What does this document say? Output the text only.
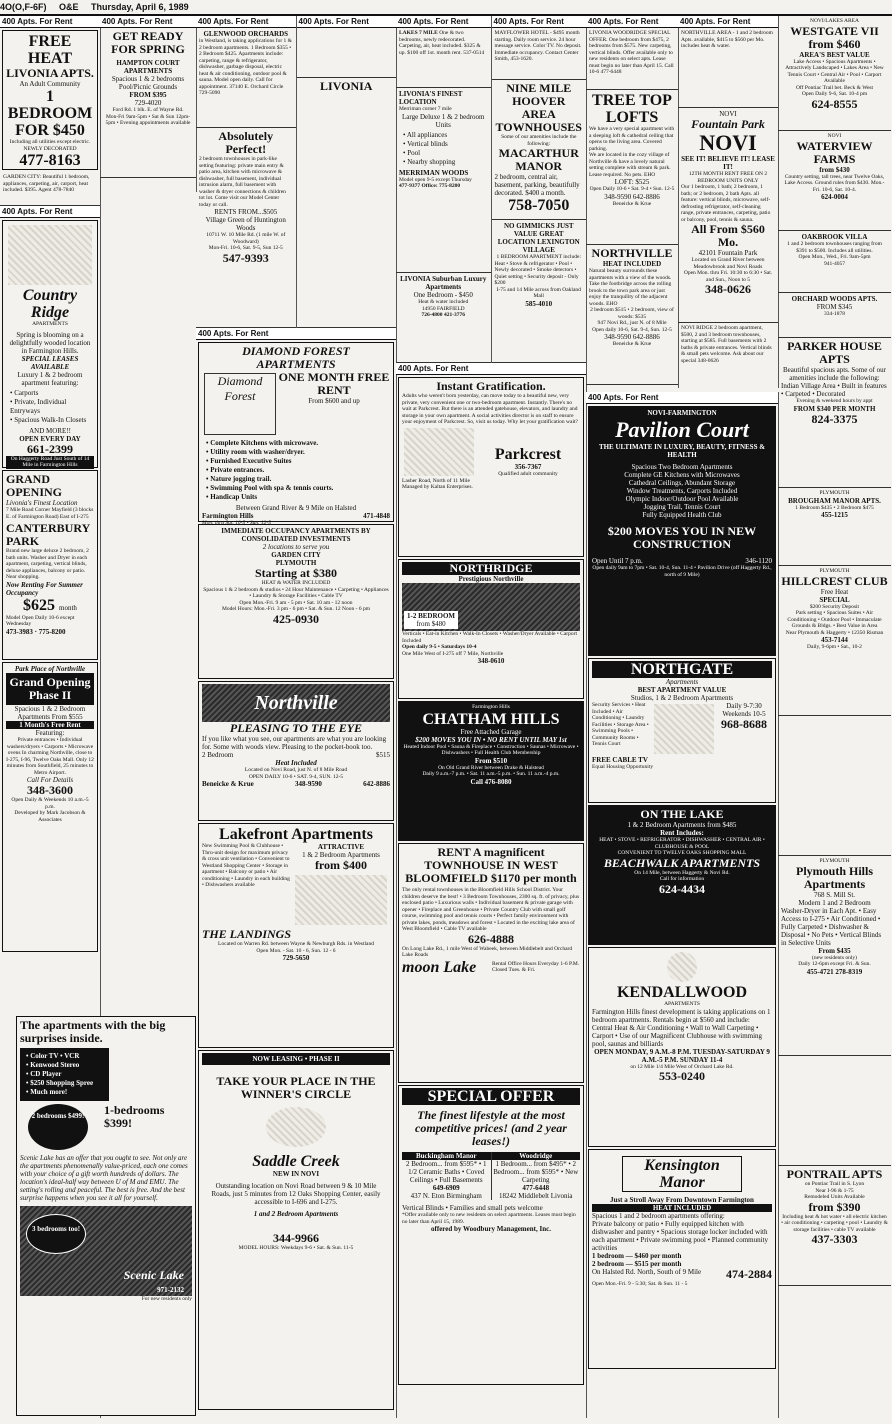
4O(O,F-6F) O&E Thursday, April 6, 1989
400 Apts. For Rent
FREE HEAT
LIVONIA APTS.
An Adult Community
1 BEDROOM
FOR $450
Including all utilities except electric. NEWLY DECORATED
477-8163
GARDEN CITY: Beautiful 1 bedroom, appliances, carpeting, air, carport, heat included. $395. Agent 478-7840
400 Apts. For Rent
Country Ridge
APARTMENTS
Spring is blooming on a delightfully wooded location in Farmington Hills.
SPECIAL LEASES AVAILABLE
Luxury 1 & 2 bedroom apartment featuring:
• Carports
• Private, Individual Entryways
• Spacious Walk-In Closets
AND MORE!!
OPEN EVERY DAY
661-2399
On Haggerty Road Just South of 14 Mile in Farmington Hills
GRAND OPENING
Livonia's Finest Location
7 Mile Road Corner Mayfield (3 blocks E. of Farmington Road) East of I-275
CANTERBURY PARK
Brand new large deluxe 2 bedroom, 2 bath units. Washer and Dryer in each apartment, carpeting, vertical blinds, deluxe appliances, balcony or patio. Near shopping.
Now Renting For Summer Occupancy
$625 month
Model Open Daily 10-6 except Wednesday
473-3983 · 775-8200
Park Place of Northville
Grand Opening Phase II
Spacious 1 & 2 Bedroom Apartments From $555
1 Month's Free Rent
Featuring:
Private entrances • Individual washers/dryers • Carports • Microwave ovens In charming Northville, close to I-275, I-96, Twelve Oaks Mall. Only 12 minutes from Southfield, 25 minutes to Metro Airport.
Call For Details
348-3600
Open Daily & Weekends 10 a.m.-5 p.m.
Developed by Mark Jacobson & Associates
400 Apts. For Rent
GET READY FOR SPRING
HAMPTON COURT APARTMENTS
Spacious 1 & 2 bedrooms
Pool/Picnic Grounds
FROM $395
729-4020
Ford Rd. 1 blk. E. of Wayne Rd.
Mon-Fri 9am-5pm • Sat & Sun 12pm-5pm • Evening appointments available
The apartments with the big surprises inside.
• Color TV • VCR
• Kenwood Stereo
• CD Player
• $250 Shopping Spree
• Much more!
2 bedrooms $499!	1-bedrooms $399!
Scenic Lake has an offer that you ought to see. Not only are the apartments phenomenally value-priced, each one comes with your choice of a gift worth hundreds of dollars. The location's ideal-half way between U of M and EMU. The setting's rolling and peaceful. The best is free. And the best surprise happens when you see it all for yourself.
3 bedrooms too!
Scenic Lake
971-2132
For new residents only
400 Apts. For Rent
GLENWOOD ORCHARDS
in Westland, is taking applications for 1 & 2 bedroom apartments. 1 Bedroom $355 • 2 Bedroom $425. Apartments include: carpeting, range & refrigerator, dishwasher, garbage disposal, electric heat & air conditioning, outdoor pool & sauna. Model open daily. Call for appointment. 37140 E. Orchard Circle 729-5090
Absolutely Perfect!
2 bedroom townhouses in park-like setting featuring: private main entry & patio area, kitchen with microwave & dishwasher, full basement, individual intrusion alarm, full basement with washer & dryer connections & children tot lot. Come visit our Model Center today or call.
RENTS FROM...$505
Village Green of Huntington Woods
10711 W. 10 Mile Rd. (1 mile W. of Woodward)
Mon-Fri. 10-6, Sat. 9-5, Sun 12-5
547-9393
400 Apts. For Rent
LIVONIA
400 Apts. For Rent
DIAMOND FOREST APARTMENTS
Diamond Forest
ONE MONTH FREE RENT
From $600 and up
• Complete Kitchens with microwave.
• Utility room with washer/dryer.
• Furnished Executive Suites
• Private entrances.
• Nature jogging trail.
• Swimming Pool with spa & tennis courts.
• Handicap Units
Between Grand River & 9 Mile on Halsted
Farmington Hills	471-4848
Mon. thru Sat. 10-5 • Sun. 12-5
IMMEDIATE OCCUPANCY APARTMENTS BY CONSOLIDATED INVESTMENTS
2 locations to serve you
GARDEN CITY
PLYMOUTH
Starting at $380
HEAT & WATER INCLUDED
Spacious 1 & 2 bedroom & studios • 24 Hour Maintenance • Carpeting • Appliances • Laundry & Storage Facilities • Cable TV
Open Mon.-Fri. 9 am - 5 pm • Sat. 10 am - 12 noon
Model Hours: Mon.-Fri. 3 pm - 6 pm • Sat. & Sun. 12 Noon - 6 pm
425-0930
Northville
PLEASING TO THE EYE
If you like what you see, our apartments are what you are looking for. Some with woods view. Pleasing to the pocket-book too.
2 Bedroom	$515
Heat Included
Located on Novi Road, just N. of 8 Mile Road
OPEN DAILY 10-6 • SAT. 9-4, SUN. 12-5
Beneicke & Krue	348-9590	642-8886
Lakefront Apartments
New Swimming Pool & Clubhouse • Thru-unit design for maximum privacy & cross unit ventilation • Convenient to Westland Shopping Center • Storage in apartment • Balcony or patio • Air conditioning • Laundry in each building • Dishwashers available
ATTRACTIVE
1 & 2 Bedroom Apartments
from $400
THE LANDINGS
Located on Warren Rd. between Wayne & Newburgh Rds. in Westland
Open Mon. - Sat. 10 - 6, Sun. 12 - 6
729-5650
NOW LEASING • PHASE II
TAKE YOUR PLACE IN THE WINNER'S CIRCLE
Saddle Creek
NEW IN NOVI
Outstanding location on Novi Road between 9 & 10 Mile Roads, just 5 minutes from 12 Oaks Shopping Center, easily accessible to I-696 and I-275.
1 and 2 Bedroom Apartments
344-9966
MODEL HOURS: Weekdays 9-6 • Sat. & Sun. 11-5
400 Apts. For Rent
LAKES 7 MILE One & two bedrooms, newly redecorated. Carpeting, air, heat included. $325 & up. $100 off 1st. month rent. 537-0514
LIVONIA'S FINEST LOCATION
Merriman corner 7 mile
Large Deluxe 1 & 2 bedroom Units
• All appliances
• Vertical blinds
• Pool
• Nearby shopping
MERRIMAN WOODS
Model open 9-5 except Thursday
477-9377 Office: 775-8200
LIVONIA Suburban Luxury Apartments
One Bedroom - $450
Heat & water included
14950 FAIRFIELD
726-4800 421-3776
400 Apts. For Rent
MAYFLOWER HOTEL - $495 month starting. Daily room service. 24 hour message service. Color TV. No deposit. Immediate occupancy. Contact Center Smith, 453-1620.
NINE MILE HOOVER AREA TOWNHOUSES
Some of our amenities include the following:
MACARTHUR MANOR
2 bedroom, central air, basement, parking, beautifully decorated. $400 a month.
758-7050
NO GIMMICKS JUST VALUE GREAT LOCATION LEXINGTON VILLAGE
1 BEDROOM APARTMENT include:
Heat • Stove & refrigerator • Pool • Newly decorated • Smoke detectors • Quiet setting • Security deposit - Only $200
I-75 and 14 Mile across from Oakland Mall
585-4010
400 Apts. For Rent
Instant Gratification.
Adults who weren't born yesterday, can move today to a beautiful new, very private, very convenient one or two-bedroom apartment. Instantly. There's no wait at Parkcrest. But there is an attended gatehouse, elevators, and laundry and storage in your own apartment. A social activities director is on staff to ensure your enjoyment of Parkcrest. So, visit us today. Why let your gratification wait?
Parkcrest
356-7367
Qualified adult community
Lasher Road, North of 11 Mile
Managed by Kaltan Enterprises.
NORTHRIDGE
Prestigious Northville
1-2 BEDROOM
from $480
Verticals • Eat-in Kitchen • Walk-In Closets • Washer/Dryer Available • Carport Included
Open daily 9-5 • Saturdays 10-4
One Mile West of I-275 off 7 Mile, Northville
348-0610
Farmington Hills
CHATHAM HILLS
Free Attached Garage
$200 MOVES YOU IN • NO RENT UNTIL MAY 1st
Heated Indoor Pool • Sauna & Fireplace • Construction • Saunas • Microwave • Dishwashers • Full Health Club Membership
From $510
On Old Grand River between Drake & Halstead
Daily 9 a.m.-7 p.m. • Sat. 11 a.m.-5 p.m. • Sun. 11 a.m.-4 p.m.
Call 476-8080
RENT A magnificent TOWNHOUSE IN WEST BLOOMFIELD $1170 per month
The only rental townhouses in the Bloomfield Hills School District. Your children deserve the best! • 3 Bedroom Townhouses, 2300 sq. ft. of privacy, plus enclosed patio • Luxurious walls • Individual basement & private garage with opener • Fireplace and Greenhouse • Private Country Club with small golf course, swimming pool and tennis courts • Perfect family environment with private lakes, ponds, meadows and forest • Located in the exciting lake area of West Bloomfield • Cable TV available
626-4888
On Long Lake Rd., 1 mile West of Wabeek, between Middlebelt and Orchard Lake Roads
moon Lake	Rental Office Hours Everyday 1-6 P.M. Closed Tues. & Fri.
SPECIAL OFFER
The finest lifestyle at the most competitive prices! (and 2 year leases!)
Buckingham Manor
2 Bedroom... from $595* • 1 1/2 Ceramic Baths • Coved Ceilings • Full Basements
649-6909
437 N. Eton Birmingham
Woodridge
1 Bedroom... from $495* • 2 Bedroom... from $595* • New Carpeting
477-6448
18242 Middlebelt Livonia
Vertical Blinds • Families and small pets welcome
*Offer available only to new residents on select apartments. Leases must begin no later than April 15, 1989.
offered by Woodbury Management, Inc.
400 Apts. For Rent
LIVONIA WOODRIDGE SPECIAL OFFER. One bedroom from $475, 2 bedrooms from $575. New carpeting, vertical blinds. Offer available only to new residents on select apts. Lease must begin no later than April 15. Call 10-6 477-6448
TREE TOP LOFTS
We have a very special apartment with a sleeping loft & cathedral ceiling that opens to the living area. Covered parking.
We are located in the cozy village of Northville & have a lovely natural setting complete with stream & park. Lease required. No pets. EHO
LOFT: $525
Open Daily 10-6 • Sat. 9-4 • Sun. 12-5
348-9590 642-8886
Beneicke & Krue
NORTHVILLE
HEAT INCLUDED
Natural beauty surrounds these apartments with a view of the woods. Take the footbridge across the rolling brook to the town park area or just enjoy the tranquility of the adjacent woods. EHO
2 bedroom $515 • 2 bedroom, view of woods: $535
947 Novi Rd., just N. of 8 Mile
Open daily 10-6, Sat. 9-4, Sun. 12-5
348-9590 642-8886
Beneicke & Krue
400 Apts. For Rent
NORTHVILLE AREA - 1 and 2 bedroom Apts. available, $415 to $560 per Mo. includes heat & water.
NOVI
Fountain Park
NOVI
SEE IT! BELIEVE IT! LEASE IT!
12TH MONTH RENT FREE ON 2 BEDROOM UNITS ONLY
Our 1 bedroom, 1 bath; 2 bedroom, 1 bath; or 2 bedroom, 2 bath Apts. all feature: vertical blinds, microwave, self-defrosting refrigerator, self-cleaning range, private entrances, carpeting, patio or balcony, pool, tennis & sauna.
All From $560 Mo.
42101 Fountain Park
Located on Grand River between Meadowbrook and Novi Roads
Open Mon. thru Fri. 10:30 to 6:30 • Sat. and Sun., Noon to 5
348-0626
NOVI RIDGE 2 bedroom apartment, $500, 2 and 3 bedroom townhouses, starting at $585. Full basements with 2 baths & private entrances. Vertical blinds & small pets welcome. Ask about our special 348-0626
400 Apts. For Rent
NOVI-FARMINGTON
Pavilion Court
THE ULTIMATE IN LUXURY, BEAUTY, FITNESS & HEALTH
Spacious Two Bedroom Apartments
Complete GE Kitchens with Microwaves
Cathedral Ceilings, Abundant Storage
Window Treatments, Carports Included
Olympic Indoor/Outdoor Pool Available
Jogging Trail, Tennis Court
Fully Equipped Health Club
$200 MOVES YOU IN NEW CONSTRUCTION
Open Until 7 p.m.	346-1120
Open daily 9am to 7pm • Sat. 10-4, Sun. 11-4 • Pavilion Drive (off Haggerty Rd., north of 9 Mile)
NORTHGATE
Apartments
BEST APARTMENT VALUE
Studios, 1 & 2 Bedroom Apartments
Security Services • Heat Included • Air Conditioning • Laundry Facilities • Storage Area • Swimming Pools • Community Rooms • Tennis Court
Daily 9-7:30
Weekends 10-5
968-8688
FREE CABLE TV
Equal Housing Opportunity
ON THE LAKE
1 & 2 Bedroom Apartments from $485
Rent Includes:
HEAT • STOVE • REFRIGERATOR • DISHWASHER • CENTRAL AIR • CLUBHOUSE & POOL
CONVENIENT TO TWELVE OAKS SHOPPING MALL
BEACHWALK APARTMENTS
On 14 Mile, between Haggerty & Novi Rd.
Call for information
624-4434
KENDALLWOOD
APARTMENTS
Farmington Hills finest development is taking applications on 1 bedroom apartments. Rentals begin at $560 and include:
Central Heat & Air Conditioning • Wall to Wall Carpeting • Carport • Use of our Magnificent Clubhouse with swimming pool, saunas and billiards
OPEN MONDAY, 9 A.M.-8 P.M. TUESDAY-SATURDAY 9 A.M.-5 P.M. SUNDAY 11-4
on 12 Mile 1/4 Mile West of Orchard Lake Rd.
553-0240
Kensington Manor
Just a Stroll Away From Downtown Farmington
HEAT INCLUDED
Spacious 1 and 2 bedroom apartments offering:
Private balcony or patio • Fully equipped kitchen with dishwasher and pantry • Spacious storage locker included with each apartment • Private swimming pool • Planned community activities
1 bedroom — $460 per month
2 bedroom — $515 per month
On Halsted Rd. North, South of 9 Mile 474-2884
Open Mon.-Fri. 9 - 5:30; Sat. & Sun. 11 - 5
NOVI/LAKES AREA
WESTGATE VII
from $460
AREA'S BEST VALUE
Lake Access • Spacious Apartments • Attractively Landscaped • Lakes Area • New Tennis Court • Central Air • Pool • Carport Available
Off Pontiac Trail bet. Beck & West
Open Daily 9-6, Sat. 10-4 pm
624-8555
NOVI
WATERVIEW FARMS
from $430
Country setting, tall trees, near Twelve Oaks, Lake Access. Ground rules from $430. Mon.-Fri. 10-6, Sat. 10-4.
624-0004
OAKBROOK VILLA
1 and 2 bedroom townhouses ranging from $391 to $500. Includes all utilities.
Open Mon., Wed., Fri. 9am-5pm
941-4057
ORCHARD WOODS APTS.
FROM $345
334-1878
PARKER HOUSE APTS
Beautiful spacious apts. Some of our amenities include the following:
Indian Village Area • Built in features • Carpeted • Decorated
Evening & weekend hours by appt
FROM $340 PER MONTH
824-3375
PLYMOUTH
BROUGHAM MANOR APTS.
1 Bedroom $435 • 2 Bedroom $475
455-1215
PLYMOUTH
HILLCREST CLUB
Free Heat
SPECIAL
$200 Security Deposit
Park setting • Spacious Suites • Air Conditioning • Outdoor Pool • Immaculate Grounds & Bldgs. • Best Value in Area
Near Plymouth & Haggerty • 12350 Risman
453-7144
Daily, 9-6pm • Sat., 10-2
PLYMOUTH
Plymouth Hills Apartments
768 S. Mill St.
Modern 1 and 2 Bedroom
Washer-Dryer in Each Apt. • Easy Access to I-275 • Air Conditioned • Fully Carpeted • Dishwasher & Disposal • No Pets • Vertical Blinds in Selective Units
From $435
(new residents only)
Daily 12-6pm except Fri. & Sun.
455-4721 278-8319
PONTRAIL APTS
on Pontiac Trail in S. Lyon
Near I-96 & 1-75
Remodeled Units Available
from $390
Including heat & hot water • all electric kitchen • air conditioning • carpeting • pool • Laundry & storage facilities • cable TV available
437-3303
